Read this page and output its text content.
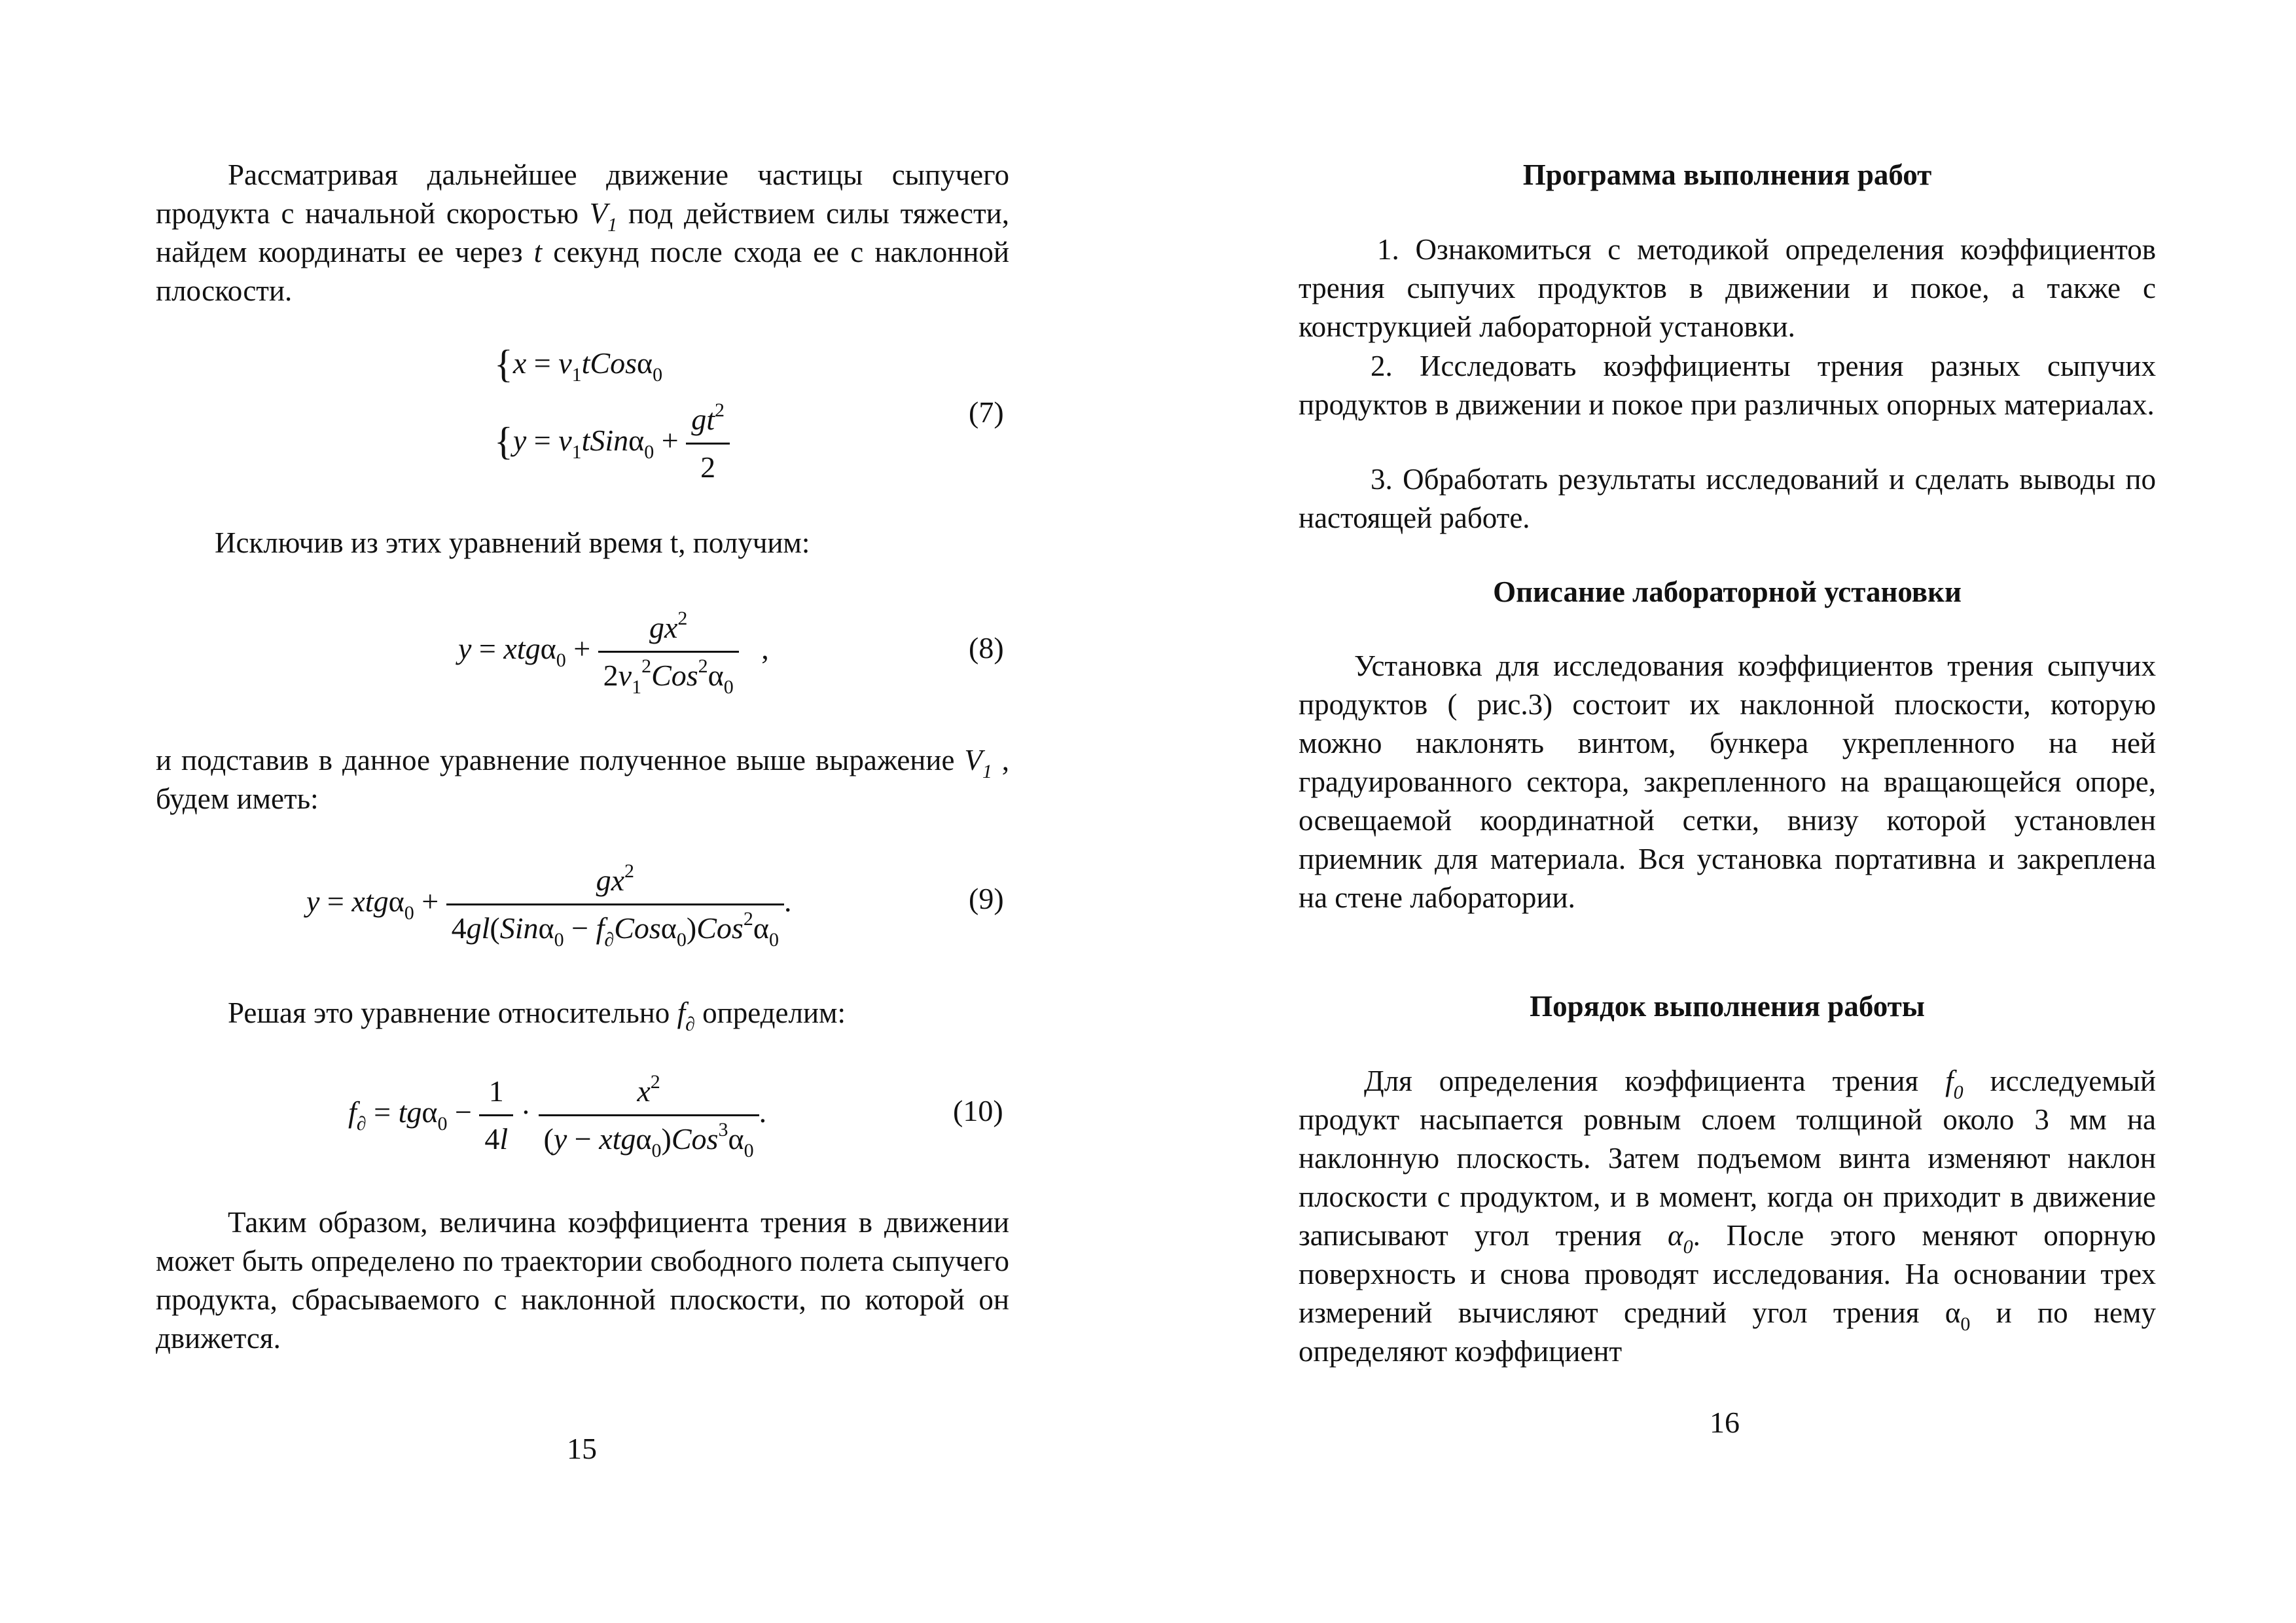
Рассматривая дальнейшее движение частицы сыпучего продукта с начальной скоростью $V_1$ под действием силы тяжести, найдем координаты ее через t секунд после схода ее с наклонной плоскости.

{$x = v_1tCos\alpha_0$
{$y = v_1tSin\alpha_0 + \frac{gt^2}{2}$	(7)

Исключив из этих уравнений время t, получим:

$y = xtg\alpha_0 + \frac{gx^2}{2v_1^2Cos^2\alpha_0}$ ,	(8)

и подставив в данное уравнение полученное выше выражение $V_1$ , будем иметь:

$y = xtg\alpha_0 + \frac{gx^2}{4gl(Sin\alpha_0 - f_\partial Cos\alpha_0)Cos^2\alpha_0}$ .	(9)

Решая это уравнение относительно $f_\partial$ определим:

$f_\partial = tg\alpha_0 - \frac{1}{4l} \cdot \frac{x^2}{(y - xtg\alpha_0)Cos^3\alpha_0}$ .	(10)

Таким образом, величина коэффициента трения в движении может быть определено по траектории свободного полета сыпучего продукта, сбрасываемого с наклонной плоскости, по которой он движется.

15
Программа выполнения работ

1. Ознакомиться с методикой определения коэффициентов трения сыпучих продуктов в движении и покое, а также с конструкцией лабораторной установки.

2. Исследовать коэффициенты трения разных сыпучих продуктов в движении и покое при различных опорных материалах.

3. Обработать результаты исследований и сделать выводы по настоящей работе.

Описание лабораторной установки

Установка для исследования коэффициентов трения сыпучих продуктов ( рис.3) состоит их наклонной плоскости, которую можно наклонять винтом, бункера укрепленного на ней градуированного сектора, закрепленного на вращающейся опоре, освещаемой координатной сетки, внизу которой установлен приемник для материала. Вся установка портативна и закреплена на стене лаборатории.

Порядок выполнения работы

Для определения коэффициента трения $f_0$ исследуемый продукт насыпается ровным слоем толщиной около 3 мм на наклонную плоскость. Затем подъемом винта изменяют наклон плоскости с продуктом, и в момент, когда он приходит в движение записывают угол трения $\alpha_0$. После этого меняют опорную поверхность и снова проводят исследования. На основании трех измерений вычисляют средний угол трения $\alpha_0$ и по нему определяют коэффициент

16
